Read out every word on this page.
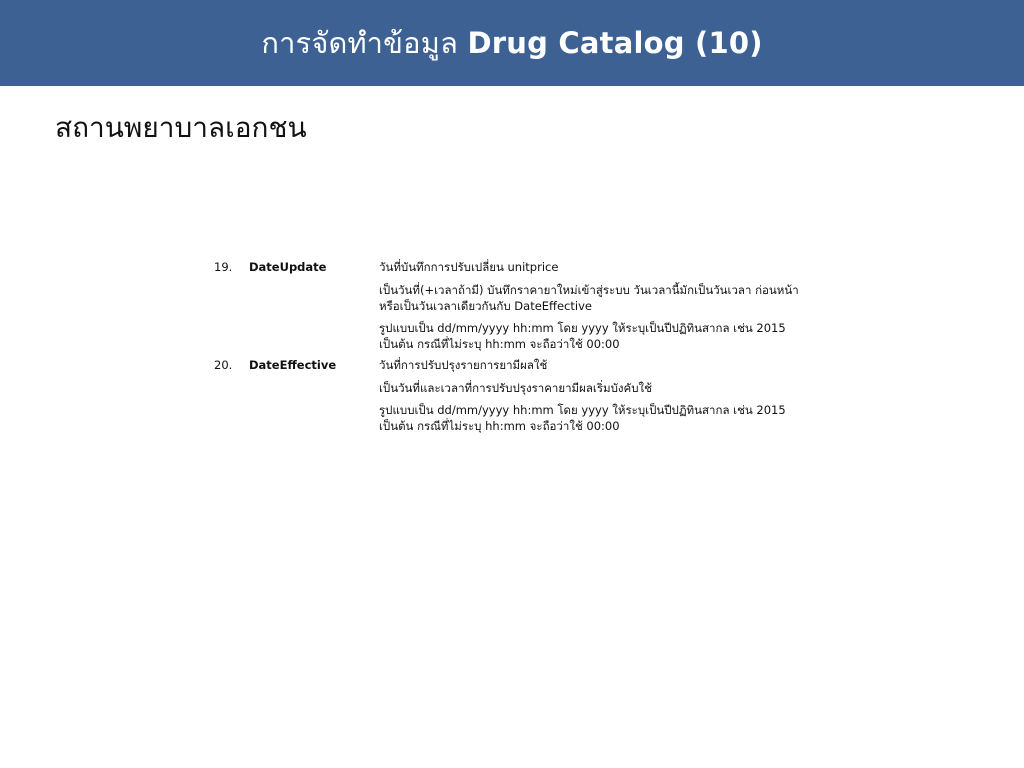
การจัดทำข้อมูล Drug Catalog (10)
สถานพยาบาลเอกชน
19.	DateUpdate	วันที่บันทึกการปรับเปลี่ยน unitprice

เป็นวันที่(+เวลาถ้ามี) บันทึกราคายาใหม่เข้าสู่ระบบ วันเวลานี้มักเป็นวันเวลา ก่อนหน้า หรือเป็นวันเวลาเดียวกันกับ DateEffective

รูปแบบเป็น dd/mm/yyyy hh:mm โดย yyyy ให้ระบุเป็นปีปฏิทินสากล เช่น 2015 เป็นต้น กรณีที่ไม่ระบุ hh:mm จะถือว่าใช้ 00:00

20.	DateEffective	วันที่การปรับปรุงรายการยามีผลใช้

เป็นวันที่และเวลาที่การปรับปรุงราคายามีผลเริ่มบังคับใช้

รูปแบบเป็น dd/mm/yyyy hh:mm โดย yyyy ให้ระบุเป็นปีปฏิทินสากล เช่น 2015 เป็นต้น กรณีที่ไม่ระบุ hh:mm จะถือว่าใช้ 00:00
